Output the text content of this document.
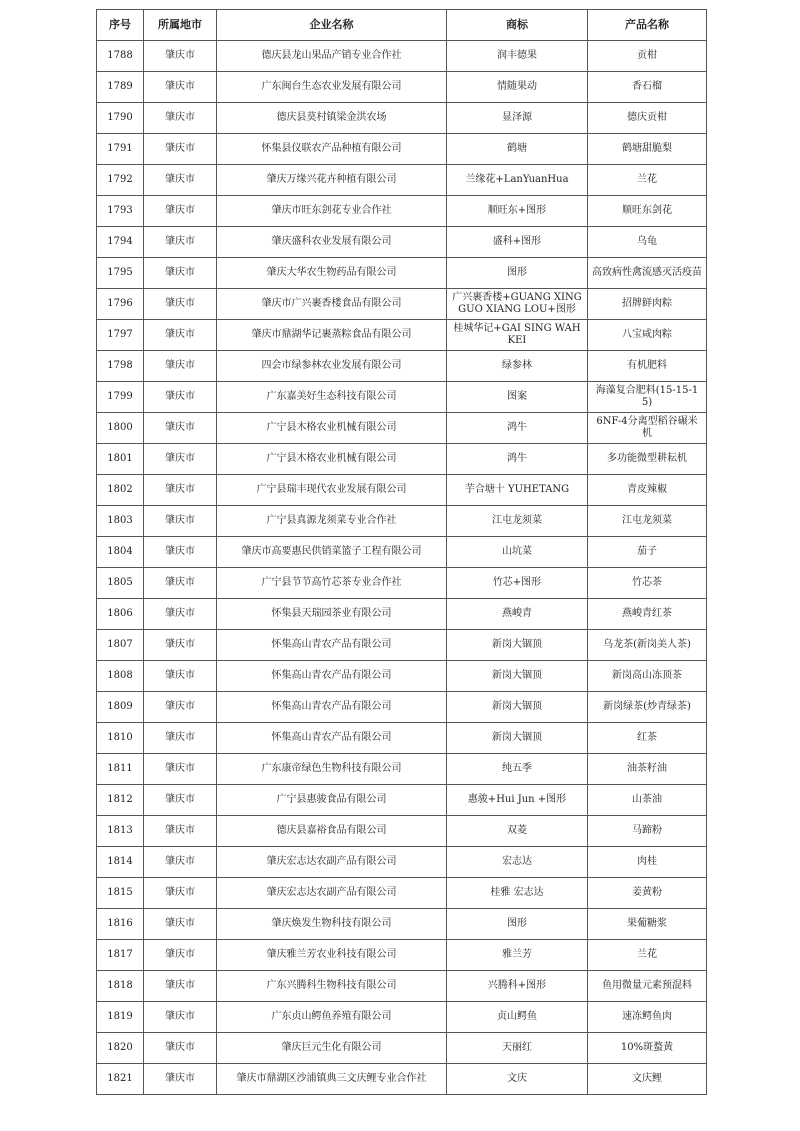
序号	所属地市	企业名称	商标	产品名称
1788	肇庆市	德庆县龙山果品产销专业合作社	润丰德果	贡柑
1789	肇庆市	广东闽台生态农业发展有限公司	情随果动	香石榴
1790	肇庆市	德庆县莫村镇梁金洪农场	显泽源	德庆贡柑
1791	肇庆市	怀集县仪联农产品种植有限公司	鹤塘	鹤塘甜脆梨
1792	肇庆市	肇庆万缘兴花卉种植有限公司	兰缘花+LanYuanHua	兰花
1793	肇庆市	肇庆市旺东剑花专业合作社	顺旺东+图形	顺旺东剑花
1794	肇庆市	肇庆盛科农业发展有限公司	盛科+图形	乌龟
1795	肇庆市	肇庆大华农生物药品有限公司	图形	高致病性禽流感灭活疫苗
1796	肇庆市	肇庆市广兴裹香楼食品有限公司	广兴裹香楼+GUANG XING GUO XIANG LOU+图形	招牌鲜肉粽
1797	肇庆市	肇庆市鼎湖华记裹蒸粽食品有限公司	桂城华记+GAI SING WAH KEI	八宝咸肉粽
1798	肇庆市	四会市绿参林农业发展有限公司	绿参林	有机肥料
1799	肇庆市	广东嘉美好生态科技有限公司	图案	海藻复合肥料(15-15-15)
1800	肇庆市	广宁县木格农业机械有限公司	鸿牛	6NF-4分离型稻谷碾米机
1801	肇庆市	广宁县木格农业机械有限公司	鸿牛	多功能微型耕耘机
1802	肇庆市	广宁县瑞丰现代农业发展有限公司	芋合塘十 YUHETANG	青皮辣椒
1803	肇庆市	广宁县真源龙须菜专业合作社	江屯龙须菜	江屯龙须菜
1804	肇庆市	肇庆市高要惠民供销菜篮子工程有限公司	山坑菜	茄子
1805	肇庆市	广宁县节节高竹芯茶专业合作社	竹芯+图形	竹芯茶
1806	肇庆市	怀集县天瑞园茶业有限公司	燕峻青	燕峻青红茶
1807	肇庆市	怀集高山青农产品有限公司	新岗大锢顶	乌龙茶(新岗美人茶)
1808	肇庆市	怀集高山青农产品有限公司	新岗大锢顶	新岗高山冻顶茶
1809	肇庆市	怀集高山青农产品有限公司	新岗大锢顶	新岗绿茶(炒青绿茶)
1810	肇庆市	怀集高山青农产品有限公司	新岗大锢顶	红茶
1811	肇庆市	广东康帝绿色生物科技有限公司	纯五季	油茶籽油
1812	肇庆市	广宁县惠骏食品有限公司	惠骏+Hui Jun +图形	山茶油
1813	肇庆市	德庆县嘉裕食品有限公司	双菱	马蹄粉
1814	肇庆市	肇庆宏志达农副产品有限公司	宏志达	肉桂
1815	肇庆市	肇庆宏志达农副产品有限公司	桂雅 宏志达	姜黄粉
1816	肇庆市	肇庆焕发生物科技有限公司	图形	果葡糖浆
1817	肇庆市	肇庆雅兰芳农业科技有限公司	雅兰芳	兰花
1818	肇庆市	广东兴腾科生物科技有限公司	兴腾科+图形	鱼用微量元素预混料
1819	肇庆市	广东贞山鳄鱼养殖有限公司	贞山鳄鱼	速冻鳄鱼肉
1820	肇庆市	肇庆巨元生化有限公司	天丽红	10%斑蝥黄
1821	肇庆市	肇庆市鼎湖区沙浦镇典三文庆鲤专业合作社	文庆	文庆鲤
